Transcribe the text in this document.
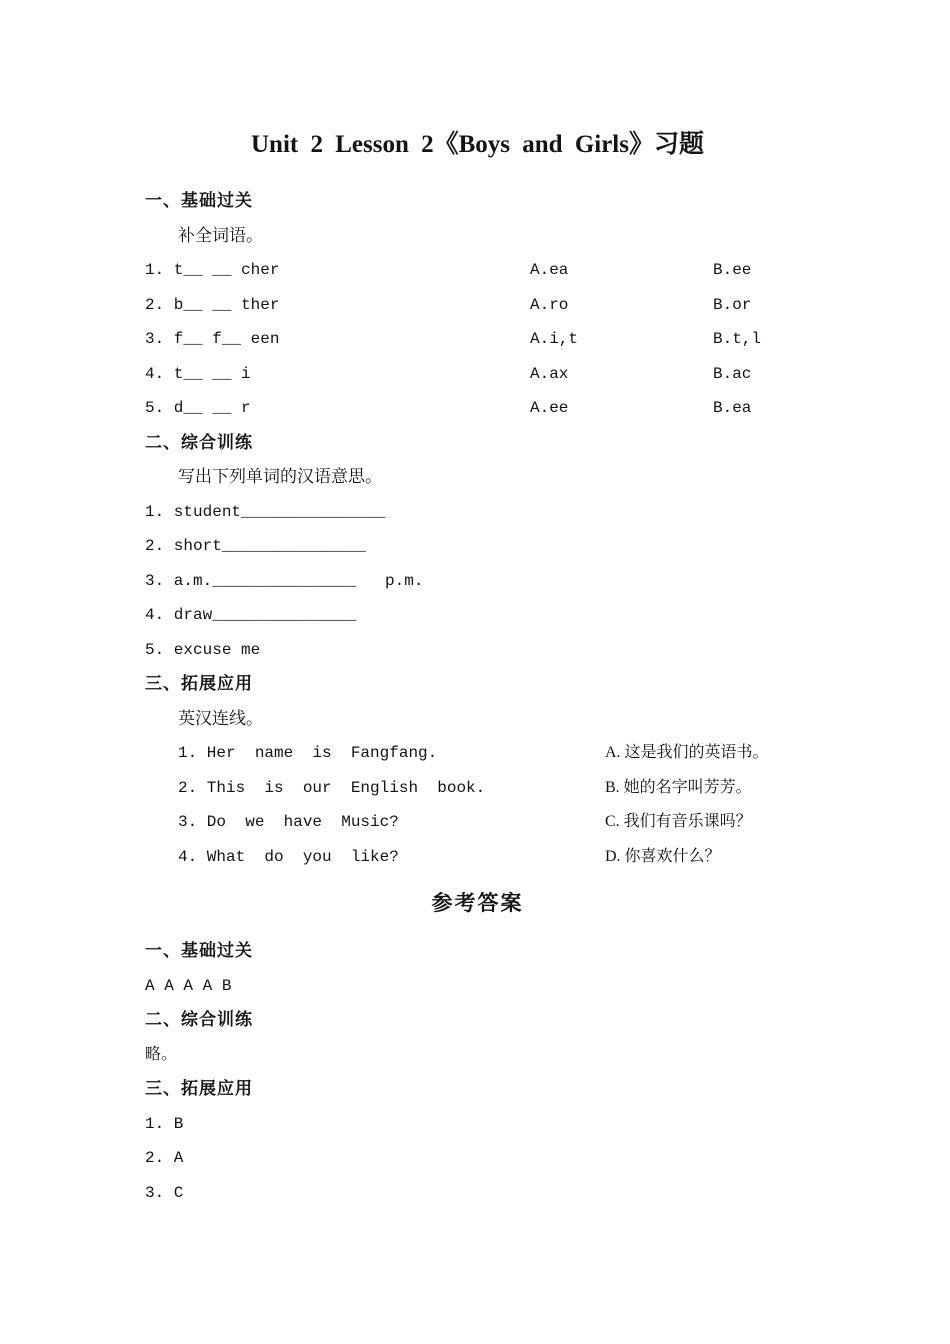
Unit 2 Lesson 2《Boys and Girls》习题
一、基础过关
补全词语。
1. t__ __ cher	A.ea	B.ee
2. b__ __ ther	A.ro	B.or
3. f__ f__ een	A.i,t	B.t,l
4. t__ __ i	A.ax	B.ac
5. d__ __ r	A.ee	B.ea
二、综合训练
写出下列单词的汉语意思。
1. student_______________
2. short_______________
3. a.m._______________   p.m.
4. draw_______________
5. excuse me
三、拓展应用
英汉连线。
1. Her  name  is  Fangfang.	A. 这是我们的英语书。
2. This  is  our  English  book.	B. 她的名字叫芳芳。
3. Do  we  have  Music?	C. 我们有音乐课吗？
4. What  do  you  like?	D. 你喜欢什么？
参考答案
一、基础过关
A A A A B
二、综合训练
略。
三、拓展应用
1. B
2. A
3. C
